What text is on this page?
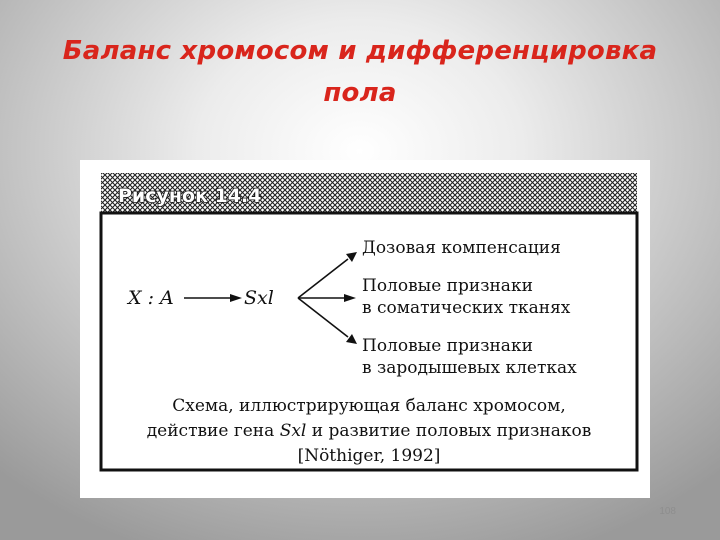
Баланс хромосом и дифференцировка пола
Рисунок 14.4
X : A	Sxl
Дозовая компенсация
Половые признаки
в соматических тканях
Половые признаки
в зародышевых клетках
Схема, иллюстрирующая баланс хромосом,
действие гена Sxl и развитие половых признаков
[Nöthiger, 1992]
108
